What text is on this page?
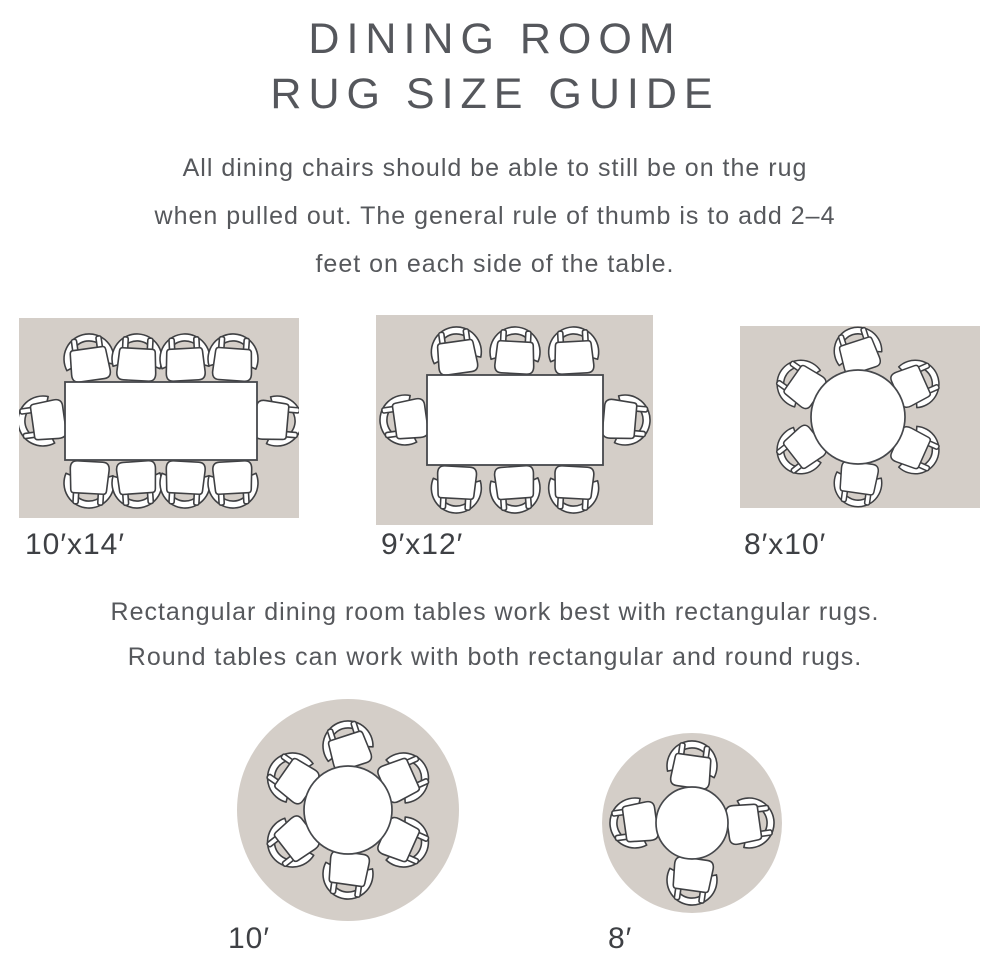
DINING ROOM
RUG SIZE GUIDE

All dining chairs should be able to still be on the rug
when pulled out. The general rule of thumb is to add 2–4
feet on each side of the table.

10′x14′	9′x12′	8′x10′

Rectangular dining room tables work best with rectangular rugs.
Round tables can work with both rectangular and round rugs.

10′	8′
